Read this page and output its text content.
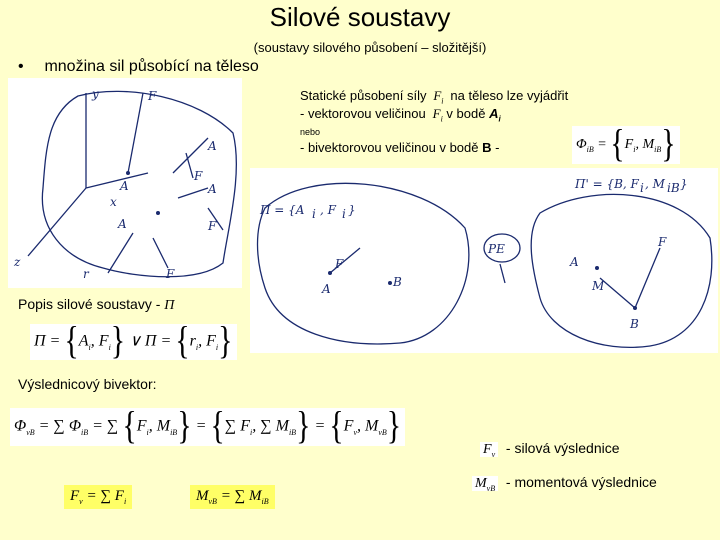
Silové soustavy
(soustavy silového působení – složitější)
• množina sil působící na těleso
y
z
x
F
A
A
F
A
F
A
r	F
Statické působení síly  $F_i$ na těleso lze vyjádřit
- vektorovou veličinou  $F_i$ v bodě $A_i$
nebo
- bivektorovou veličinou v bodě B -	$\Phi_{iB} = \{F_i$, $M_{iB}$}
Π = {A i , F i }
F
A	B
Π' = {B, F i , M iB }
PE
A
F
M
B
Popis silové soustavy - Π
$\Pi = \{A_i$, $F_i$} ∨ $\Pi = \{r_i$, $F_i$}
Výslednicový bivektor:
$\Phi_{vB}$ = ∑ $\Phi_{iB}$ = ∑ {$F_i$, $M_{iB}$} = {∑ $F_i$, ∑ $M_{iB}\} = \{F_v$, $M_{vB}$}
$F_v$ - silová výslednice
$M_{vB}$ - momentová výslednice
$F_v$ = ∑ $F_i$	$M_{vB}$ = ∑ $M_{iB}$
